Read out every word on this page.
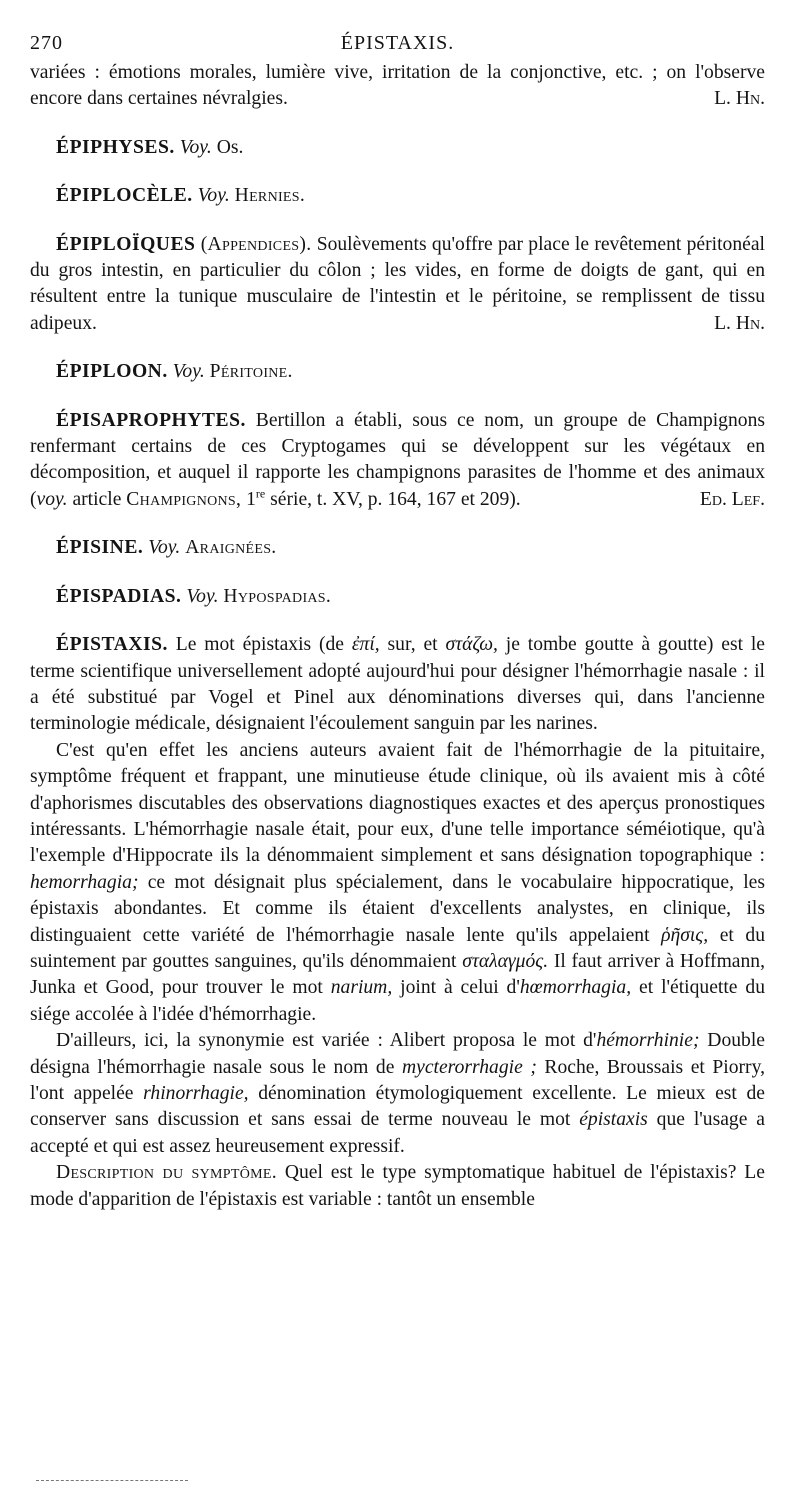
270	ÉPISTAXIS.

variées : émotions morales, lumière vive, irritation de la conjonctive, etc. ; on l'observe encore dans certaines névralgies.	L. Hn.

ÉPIPHYSES. Voy. Os.

ÉPIPLOCÈLE. Voy. Hernies.

ÉPIPLOÏQUES (Appendices). Soulèvements qu'offre par place le revêtement péritonéal du gros intestin, en particulier du côlon ; les vides, en forme de doigts de gant, qui en résultent entre la tunique musculaire de l'intestin et le péritoine, se remplissent de tissu adipeux.	L. Hn.

ÉPIPLOON. Voy. Péritoine.

ÉPISAPROPHYTES. Bertillon a établi, sous ce nom, un groupe de Champignons renfermant certains de ces Cryptogames qui se développent sur les végétaux en décomposition, et auquel il rapporte les champignons parasites de l'homme et des animaux (voy. article Champignons, 1re série, t. XV, p. 164, 167 et 209).	Ed. Lef.

ÉPISINE. Voy. Araignées.

ÉPISPADIAS. Voy. Hypospadias.

ÉPISTAXIS. Le mot épistaxis (de ἐπί, sur, et στάζω, je tombe goutte à goutte) est le terme scientifique universellement adopté aujourd'hui pour désigner l'hémorrhagie nasale : il a été substitué par Vogel et Pinel aux dénominations diverses qui, dans l'ancienne terminologie médicale, désignaient l'écoulement sanguin par les narines.

C'est qu'en effet les anciens auteurs avaient fait de l'hémorrhagie de la pituitaire, symptôme fréquent et frappant, une minutieuse étude clinique, où ils avaient mis à côté d'aphorismes discutables des observations diagnostiques exactes et des aperçus pronostiques intéressants. L'hémorrhagie nasale était, pour eux, d'une telle importance séméiotique, qu'à l'exemple d'Hippocrate ils la dénommaient simplement et sans désignation topographique : hemorrhagia; ce mot désignait plus spécialement, dans le vocabulaire hippocratique, les épistaxis abondantes. Et comme ils étaient d'excellents analystes, en clinique, ils distinguaient cette variété de l'hémorrhagie nasale lente qu'ils appelaient ῥῆσις, et du suintement par gouttes sanguines, qu'ils dénommaient σταλαγμός. Il faut arriver à Hoffmann, Junka et Good, pour trouver le mot narium, joint à celui d'hœmorrhagia, et l'étiquette du siége accolée à l'idée d'hémorrhagie.

D'ailleurs, ici, la synonymie est variée : Alibert proposa le mot d'hémorrhinie; Double désigna l'hémorrhagie nasale sous le nom de mycterorrhagie ; Roche, Broussais et Piorry, l'ont appelée rhinorrhagie, dénomination étymologiquement excellente. Le mieux est de conserver sans discussion et sans essai de terme nouveau le mot épistaxis que l'usage a accepté et qui est assez heureusement expressif.

Description du symptôme. Quel est le type symptomatique habituel de l'épistaxis? Le mode d'apparition de l'épistaxis est variable : tantôt un ensemble
